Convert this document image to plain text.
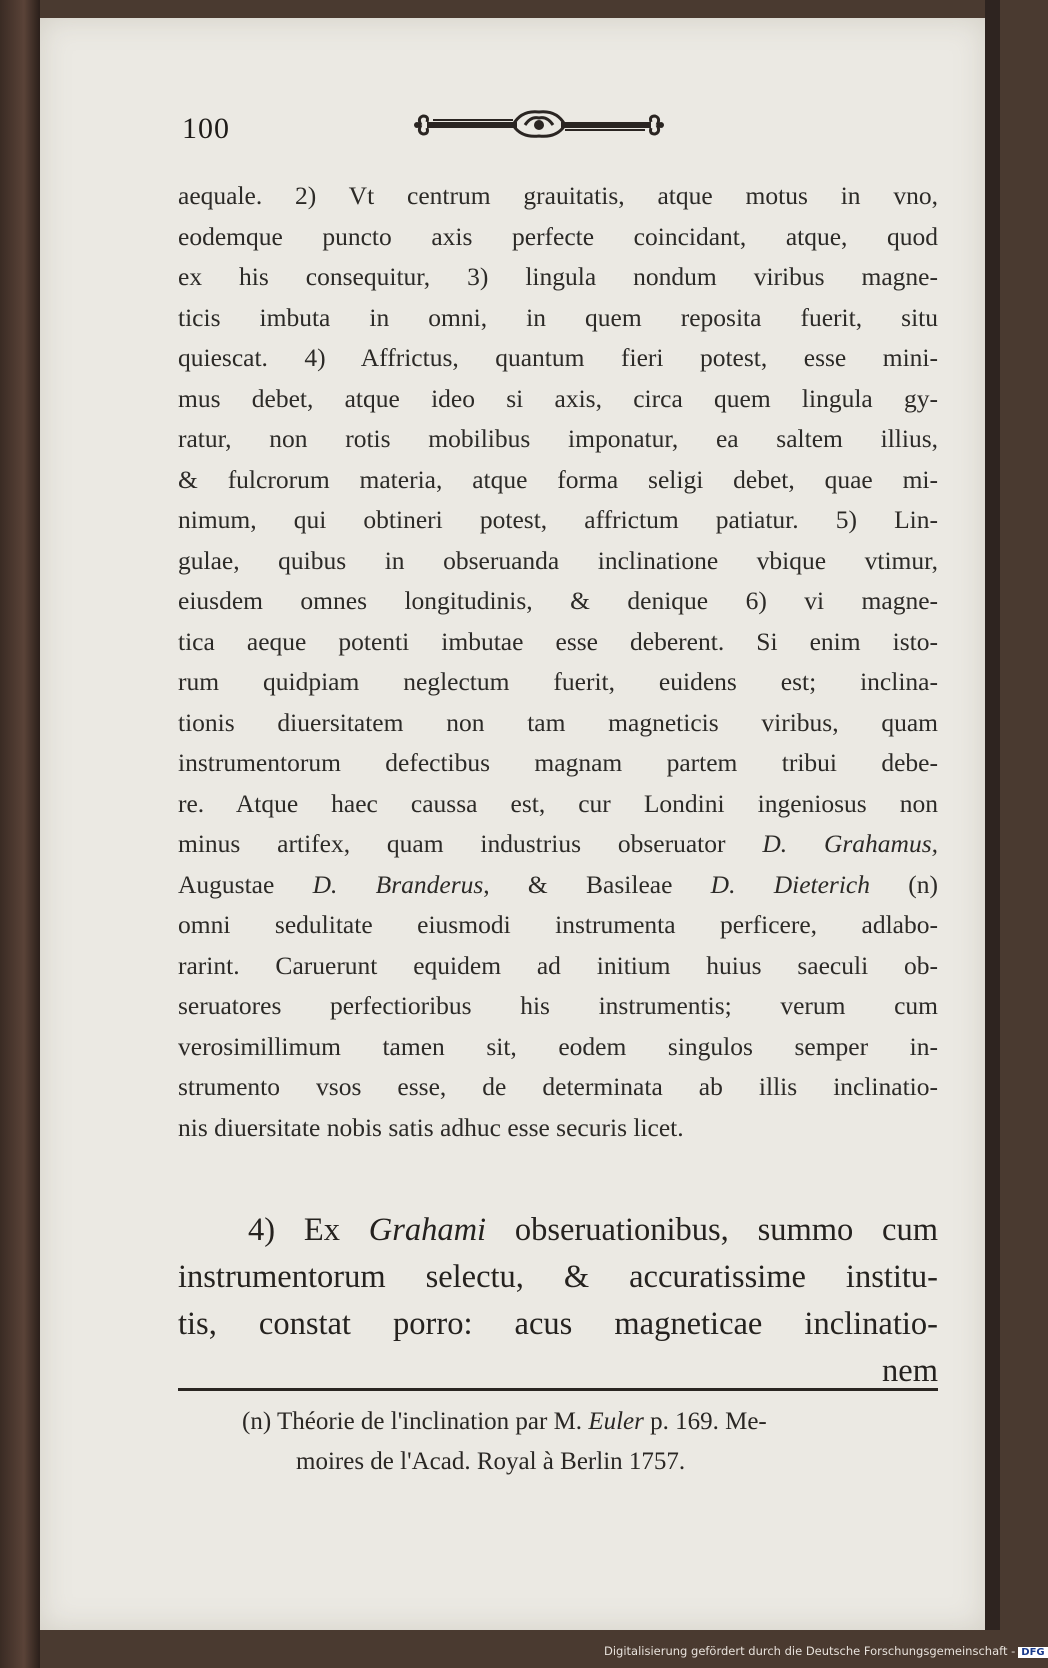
100
aequale. 2) Vt centrum grauitatis, atque motus in vno,
eodemque puncto axis perfecte coincidant, atque, quod
ex his consequitur, 3) lingula nondum viribus magne-
ticis imbuta in omni, in quem reposita fuerit, situ
quiescat. 4) Affrictus, quantum fieri potest, esse mini-
mus debet, atque ideo si axis, circa quem lingula gy-
ratur, non rotis mobilibus imponatur, ea saltem illius,
& fulcrorum materia, atque forma seligi debet, quae mi-
nimum, qui obtineri potest, affrictum patiatur. 5) Lin-
gulae, quibus in obseruanda inclinatione vbique vtimur,
eiusdem omnes longitudinis, & denique 6) vi magne-
tica aeque potenti imbutae esse deberent. Si enim isto-
rum quidpiam neglectum fuerit, euidens est; inclina-
tionis diuersitatem non tam magneticis viribus, quam
instrumentorum defectibus magnam partem tribui debe-
re. Atque haec caussa est, cur Londini ingeniosus non
minus artifex, quam industrius obseruator D. Grahamus,
Augustae D. Branderus, & Basileae D. Dieterich (n)
omni sedulitate eiusmodi instrumenta perficere, adlabo-
rarint. Caruerunt equidem ad initium huius saeculi ob-
seruatores perfectioribus his instrumentis; verum cum
verosimillimum tamen sit, eodem singulos semper in-
strumento vsos esse, de determinata ab illis inclinatio-
nis diuersitate nobis satis adhuc esse securis licet.
4) Ex Grahami obseruationibus, summo cum
instrumentorum selectu, & accuratissime institu-
tis, constat porro: acus magneticae inclinatio-
nem
(n) Théorie de l'inclination par M. Euler p. 169. Me-
moires de l'Acad. Royal à Berlin 1757.
Digitalisierung gefördert durch die Deutsche Forschungsgemeinschaft - DFG
